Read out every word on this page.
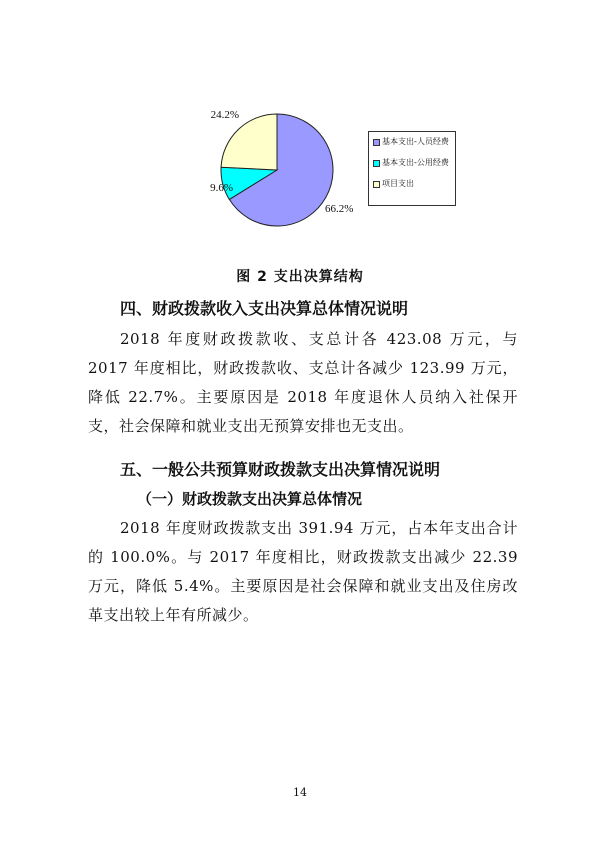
66.2%
9.6%
24.2%
基本支出-人员经费
基本支出-公用经费
项目支出
图 2 支出决算结构
四、财政拨款收入支出决算总体情况说明
2018 年度财政拨款收、支总计各 423.08 万元，与 2017 年度相比，财政拨款收、支总计各减少 123.99 万元，降低 22.7%。主要原因是 2018 年度退休人员纳入社保开支，社会保障和就业支出无预算安排也无支出。
五、一般公共预算财政拨款支出决算情况说明
（一）财政拨款支出决算总体情况
2018 年度财政拨款支出 391.94 万元，占本年支出合计的 100.0%。与 2017 年度相比，财政拨款支出减少 22.39 万元，降低 5.4%。主要原因是社会保障和就业支出及住房改革支出较上年有所减少。
14
